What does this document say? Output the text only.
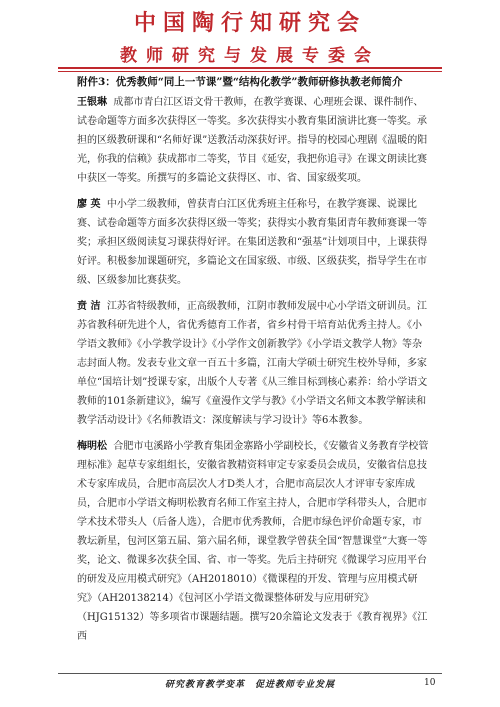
中国陶行知研究会
教师研究与发展专委会
附件3：优秀教师“同上一节课”暨“结构化教学”教师研修执教老师简介

王银琳 成都市青白江区语文骨干教师，在教学赛课、心理班会课、课件制作、试卷命题等方面多次获得区一等奖。多次获得实小教育集团演讲比赛一等奖。承担的区级教研课和“名师好课”送教活动深获好评。指导的校园心理剧《温暖的阳光，你我的信赖》获成都市二等奖，节目《延安，我把你追寻》在课文朗读比赛中获区一等奖。所撰写的多篇论文获得区、市、省、国家级奖项。

廖 英 中小学二级教师，曾获青白江区优秀班主任称号，在教学赛课、说课比赛、试卷命题等方面多次获得区级一等奖；获得实小教育集团青年教师赛课一等奖；承担区级阅读复习课获得好评。在集团送教和“强基”计划项目中，上课获得好评。积极参加课题研究，多篇论文在国家级、市级、区级获奖，指导学生在市级、区级参加比赛获奖。

贲 洁 江苏省特级教师，正高级教师，江阴市教师发展中心小学语文研训员。江苏省教科研先进个人，省优秀德育工作者，省乡村骨干培育站优秀主持人。《小学语文教师》《小学教学设计》《小学作文创新教学》《小学语文教学人物》等杂志封面人物。发表专业文章一百五十多篇，江南大学硕士研究生校外导师，多家单位“国培计划”授课专家，出版个人专著《从三维目标到核心素养：给小学语文教师的101条新建议》，编写《童漫作文学与教》《小学语文名师文本教学解读和教学活动设计》《名师教语文：深度解读与学习设计》等6本教参。

梅明松 合肥市屯溪路小学教育集团金寨路小学副校长，《安徽省义务教育学校管理标准》起草专家组组长，安徽省教精资料审定专家委员会成员，安徽省信息技术专家库成员，合肥市高层次人才D类人才，合肥市高层次人才评审专家库成员，合肥市小学语文梅明松教育名师工作室主持人，合肥市学科带头人，合肥市学术技术带头人（后备人选），合肥市优秀教师，合肥市绿色评价命题专家，市教坛新星，包河区第五届、第六届名师，课堂教学曾获全国“智慧课堂”大赛一等奖，论文、微课多次获全国、省、市一等奖。先后主持研究《微课学习应用平台的研发及应用模式研究》（AH2018010）《微课程的开发、管理与应用模式研究》（AH20138214）《包河区小学语文微课整体研发与应用研究》（HJG15132）等多项省市课题结题。撰写20余篇论文发表于《教育视界》《江西

研究教育教学变革　促进教师专业发展	10
